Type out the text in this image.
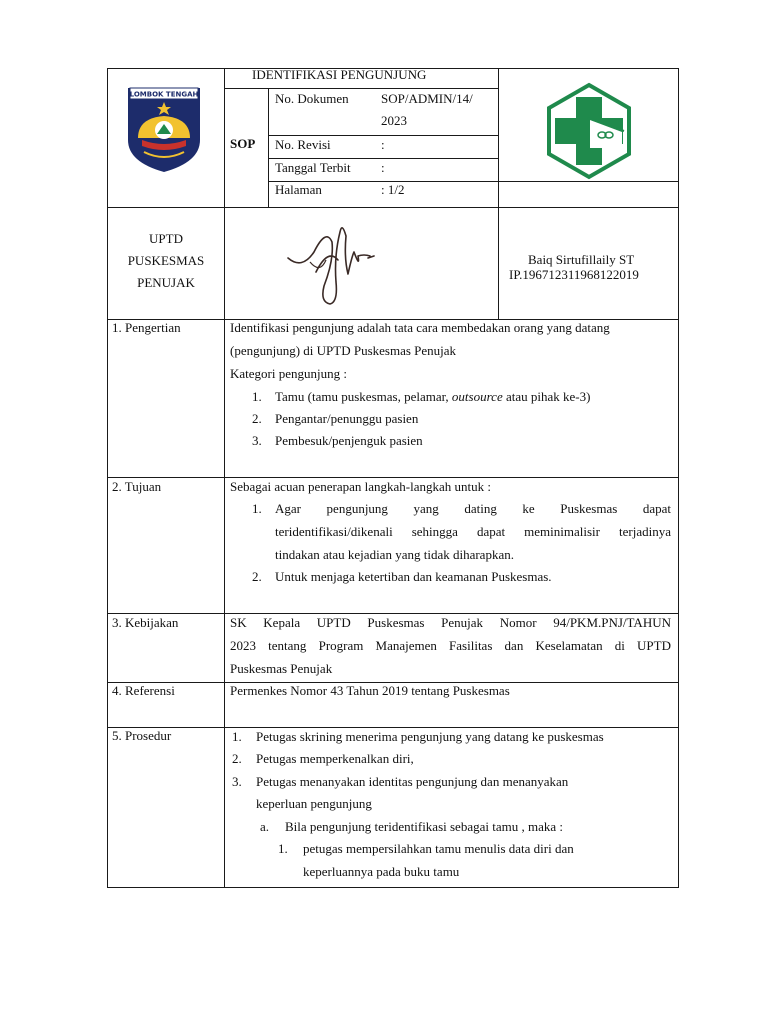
LOMBOK TENGAH
IDENTIFIKASI PENGUNJUNG
SOP
No. Dokumen SOP/ADMIN/14/
2023
No. Revisi	:
Tanggal Terbit :
Halaman	: 1/2
UPTD
PUSKESMAS
PENUJAK
Baiq Sirtufillaily ST
IP.196712311968122019
1. Pengertian	Identifikasi pengunjung adalah tata cara membedakan orang yang datang
(pengunjung) di UPTD Puskesmas Penujak
Kategori pengunjung :
1. Tamu (tamu puskesmas, pelamar, outsource atau pihak ke-3)
2. Pengantar/penunggu pasien
3. Pembesuk/penjenguk pasien
2. Tujuan	Sebagai acuan penerapan langkah-langkah untuk :
1. Agar pengunjung yang dating ke Puskesmas dapat
teridentifikasi/dikenali sehingga dapat meminimalisir terjadinya
tindakan atau kejadian yang tidak diharapkan.
2. Untuk menjaga ketertiban dan keamanan Puskesmas.
3. Kebijakan	SK Kepala UPTD Puskesmas Penujak Nomor 94/PKM.PNJ/TAHUN
2023 tentang Program Manajemen Fasilitas dan Keselamatan di UPTD
Puskesmas Penujak
4. Referensi	Permenkes Nomor 43 Tahun 2019 tentang Puskesmas
5. Prosedur	1. Petugas skrining menerima pengunjung yang datang ke puskesmas
2. Petugas memperkenalkan diri,
3. Petugas menanyakan identitas pengunjung dan menanyakan
keperluan pengunjung
a. Bila pengunjung teridentifikasi sebagai tamu , maka :
1. petugas mempersilahkan tamu menulis data diri dan
keperluannya pada buku tamu
